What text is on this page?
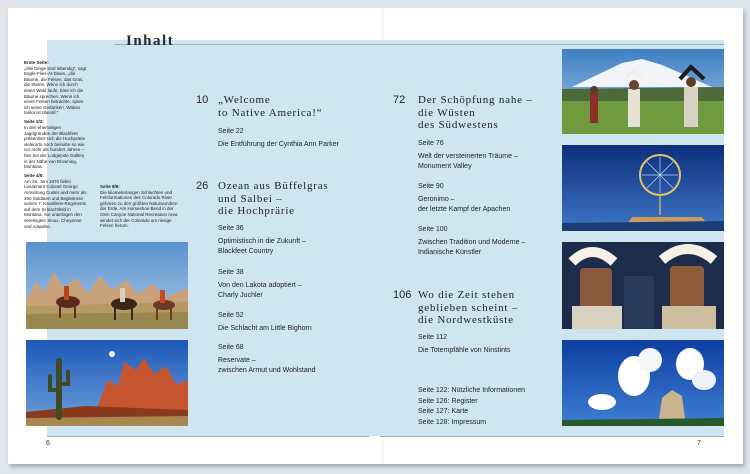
Inhalt

Erste Seite:
„Alle Dinge sind lebendig“, sagt Eagle-Flies-At-Dawn, „die Bäume, die Felsen, das Gras, die Steine. Wenn ich durch einen Wald laufe, höre ich die Bäume sprechen. Wenn ich einen Felsen betrachte, spüre ich seine Gedanken. Wakan tanka ist überall.“

Seite 2/3:
In den ehemaligen Jagdgründen der Blackfeet präsentiert sich die Hochprärie vielerorts noch beinahe so wie vor mehr als hundert Jahren – hier bei der Lodgepole Gallery in der Nähe von Browning, Montana.

Seite 4/5:
Am 25. Juni 1876 fielen Lieutenant Colonel George Armstrong Custer und mehr als 260 Soldaten und Begleitrose seines 7. Kavallerie-Regiments auf dem Schlachtfeld in Montana. Sie unterlagen den vereinigten Sioux, Cheyenne und Arapaho.

Seite 8/9:
Die kilometerlangen Schluchten und Felsformationen des Colorado River gehören zu den größten Naturwundern der Erde. Am Horseshoe Bend in der Glen Canyon National Recreation Area windet sich der Colorado um riesige Felsen herum.
10 „Welcome
to Native America!“
Seite 22
Die Entführung der Cynthia Ann Parker
26 Ozean aus Büffelgras
und Salbei –
die Hochprärie
Seite 36
Optimistisch in die Zukunft –
Blackfeet Country
Seite 38
Von den Lakota adoptiert –
Charly Juchler
Seite 52
Die Schlacht am Little Bighorn
Seite 68
Reservate –
zwischen Armut und Wohlstand
72 Der Schöpfung nahe –
die Wüsten
des Südwestens
Seite 76
Welt der versteinerten Träume –
Monument Valley
Seite 90
Geronimo –
der letzte Kampf der Apachen
Seite 100
Zwischen Tradition und Moderne –
Indianische Künstler
106 Wo die Zeit stehen
geblieben scheint –
die Nordwestküste
Seite 112
Die Totempfähle von Ninstints
Seite 122: Nützliche Informationen
Seite 126: Register
Seite 127: Karte
Seite 128: Impressum
6	7
